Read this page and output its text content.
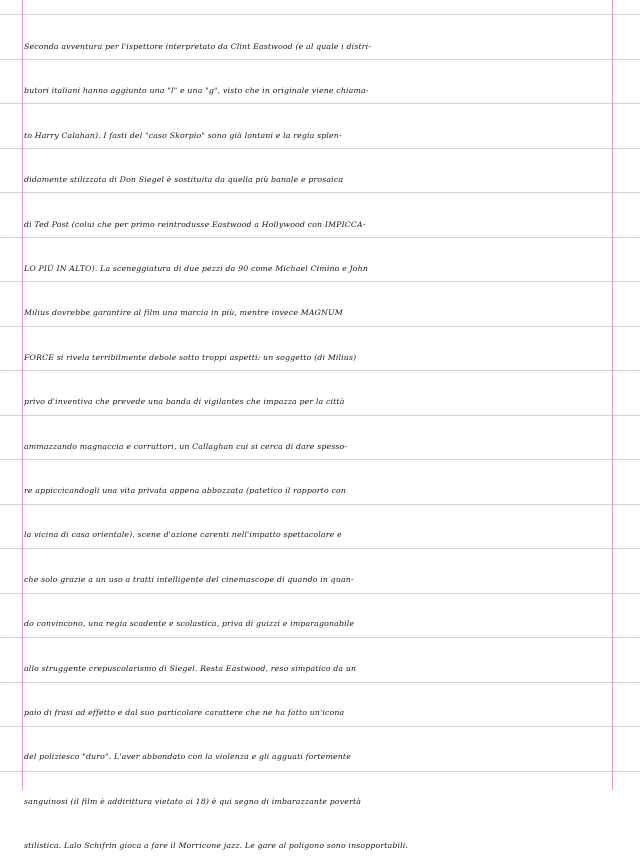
Seconda avventura per l'ispettore interpretato da Clint Eastwood (e al quale i distri-
butori italiani hanno aggiunto una "l" e una "g", visto che in originale viene chiama-
to Harry Calahan). I fasti del "caso Skorpio" sono già lontani e la regia splen-
didamente stilizzata di Don Siegel è sostituita da quella più banale e prosaica
di Ted Post (colui che per primo reintrodusse Eastwood a Hollywood con IMPICCA-
LO PIÙ IN ALTO). La sceneggiatura di due pezzi da 90 come Michael Cimino e John
Milius dovrebbe garantire al film una marcia in più, mentre invece MAGNUM
FORCE si rivela terribilmente debole sotto troppi aspetti: un soggetto (di Milius)
privo d'inventiva che prevede una banda di vigilantes che impazza per la città
ammazzando magnaccia e corruttori, un Callaghan cui si cerca di dare spesso-
re appiccicandogli una vita privata appena abbozzata (patetico il rapporto con
la vicina di casa orientale), scene d'azione carenti nell'impatto spettacolare e
che solo grazie a un uso a tratti intelligente del cinemascope di quando in quan-
do convincono, una regia scadente e scolastica, priva di guizzi e imparagonabile
allo struggente crepuscolarismo di Siegel. Resta Eastwood, reso simpatico da un
paio di frasi ad effetto e dal suo particolare carattere che ne ha fatto un'icona
del poliziesco "duro". L'aver abbondato con la violenza e gli agguati fortemente
sanguinosi (il film è addirittura vietato ai 18) è qui segno di imbarazzante povertà
stilistica. Lalo Schifrin gioca a fare il Morricone jazz. Le gare al poligono sono insopportabili.
